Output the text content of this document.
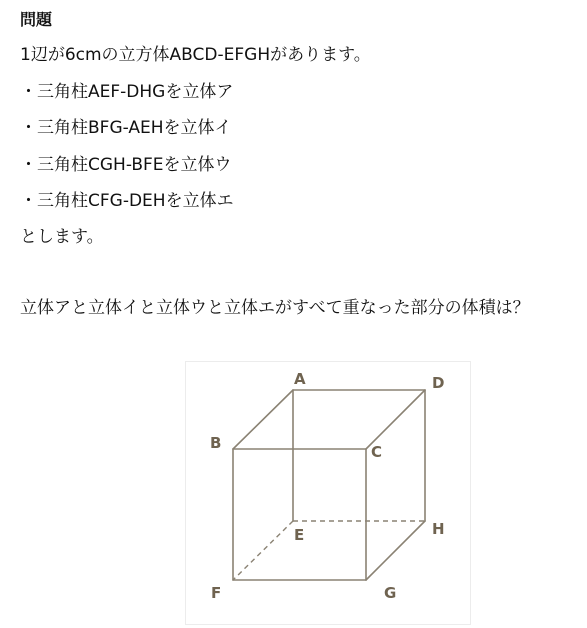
問題
1辺が6cmの立方体ABCD-EFGHがあります。
・三角柱AEF-DHGを立体ア
・三角柱BFG-AEHを立体イ
・三角柱CGH-BFEを立体ウ
・三角柱CFG-DEHを立体エ
とします。
立体アと立体イと立体ウと立体エがすべて重なった部分の体積は？
A	D
B	C
E	H
F	G
